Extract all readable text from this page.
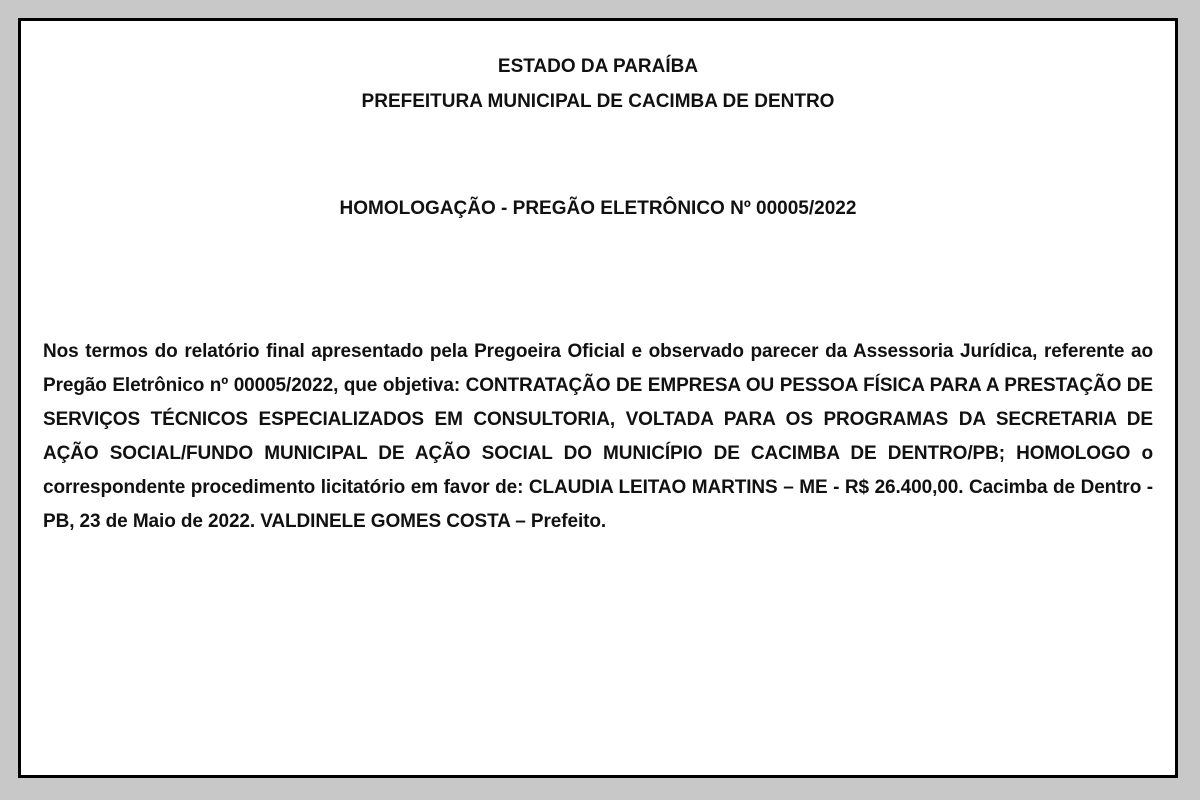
ESTADO DA PARAÍBA

PREFEITURA MUNICIPAL DE CACIMBA DE DENTRO

HOMOLOGAÇÃO - PREGÃO ELETRÔNICO Nº 00005/2022

Nos termos do relatório final apresentado pela Pregoeira Oficial e observado parecer da Assessoria Jurídica, referente ao Pregão Eletrônico nº 00005/2022, que objetiva: CONTRATAÇÃO DE EMPRESA OU PESSOA FÍSICA PARA A PRESTAÇÃO DE SERVIÇOS TÉCNICOS ESPECIALIZADOS EM CONSULTORIA, VOLTADA PARA OS PROGRAMAS DA SECRETARIA DE AÇÃO SOCIAL/FUNDO MUNICIPAL DE AÇÃO SOCIAL DO MUNICÍPIO DE CACIMBA DE DENTRO/PB; HOMOLOGO o correspondente procedimento licitatório em favor de: CLAUDIA LEITAO MARTINS – ME - R$ 26.400,00. Cacimba de Dentro - PB, 23 de Maio de 2022. VALDINELE GOMES COSTA – Prefeito.
